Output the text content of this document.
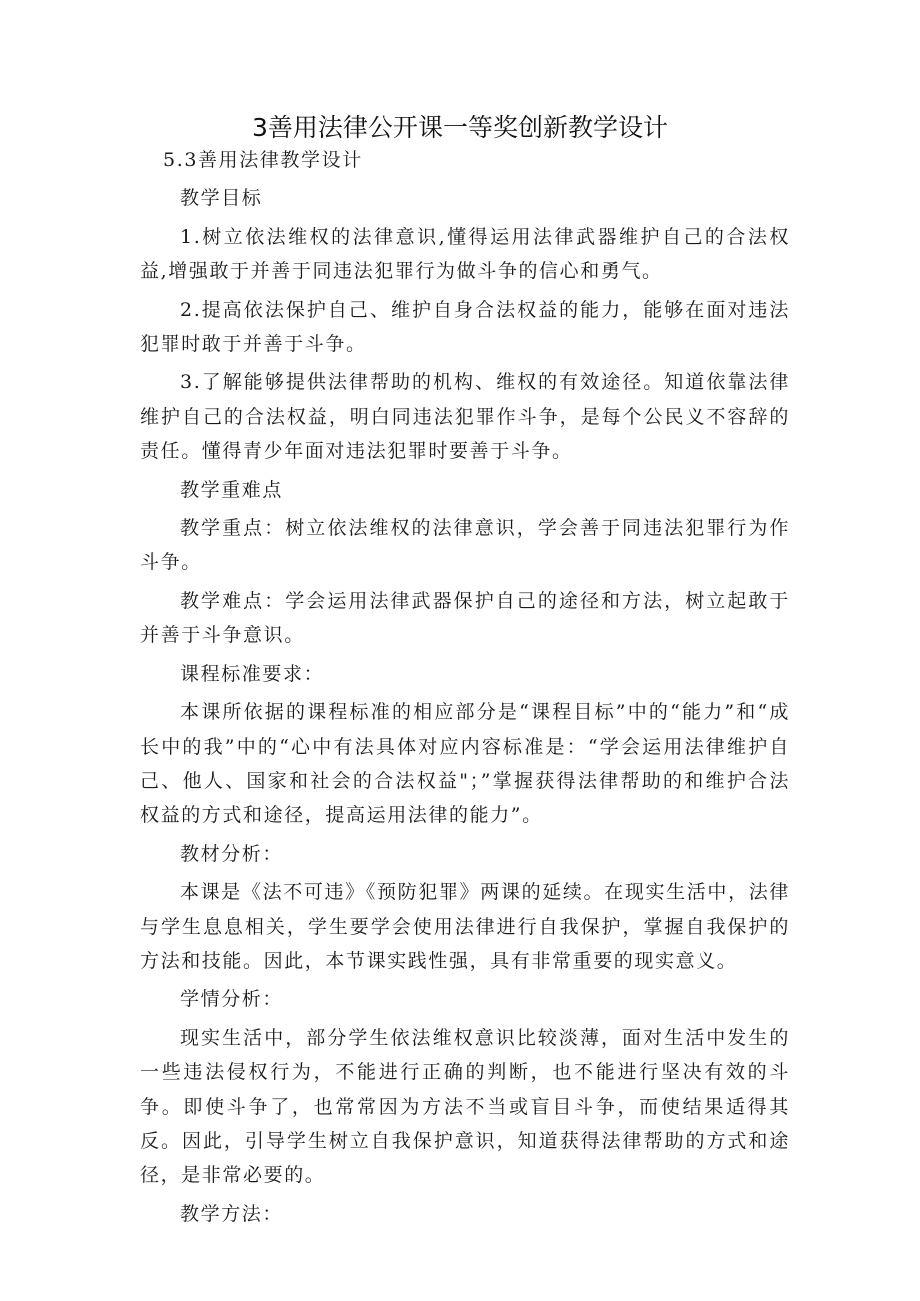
3善用法律公开课一等奖创新教学设计

5.3善用法律教学设计

教学目标

1.树立依法维权的法律意识,懂得运用法律武器维护自己的合法权益,增强敢于并善于同违法犯罪行为做斗争的信心和勇气。

2.提高依法保护自己、维护自身合法权益的能力，能够在面对违法犯罪时敢于并善于斗争。

3.了解能够提供法律帮助的机构、维权的有效途径。知道依靠法律维护自己的合法权益，明白同违法犯罪作斗争，是每个公民义不容辞的责任。懂得青少年面对违法犯罪时要善于斗争。

教学重难点

教学重点：树立依法维权的法律意识，学会善于同违法犯罪行为作斗争。

教学难点：学会运用法律武器保护自己的途径和方法，树立起敢于并善于斗争意识。

课程标准要求：

本课所依据的课程标准的相应部分是“课程目标”中的“能力”和“成长中的我”中的“心中有法具体对应内容标准是：“学会运用法律维护自己、他人、国家和社会的合法权益"；”掌握获得法律帮助的和维护合法权益的方式和途径，提高运用法律的能力”。

教材分析：

本课是《法不可违》《预防犯罪》两课的延续。在现实生活中，法律与学生息息相关，学生要学会使用法律进行自我保护，掌握自我保护的方法和技能。因此，本节课实践性强，具有非常重要的现实意义。

学情分析：

现实生活中，部分学生依法维权意识比较淡薄，面对生活中发生的一些违法侵权行为，不能进行正确的判断，也不能进行坚决有效的斗争。即使斗争了，也常常因为方法不当或盲目斗争，而使结果适得其反。因此，引导学生树立自我保护意识，知道获得法律帮助的方式和途径，是非常必要的。

教学方法：
